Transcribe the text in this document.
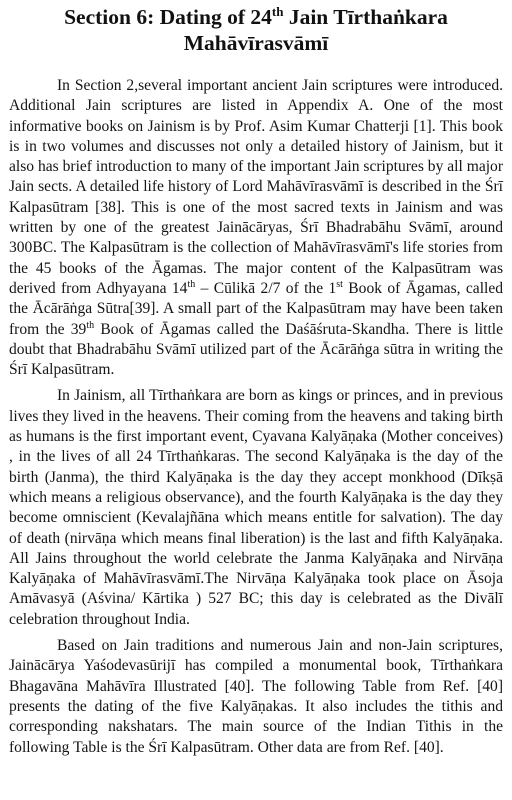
Section 6: Dating of 24th Jain Tīrthaṅkara
Mahāvīrasvāmī

In Section 2,several important ancient Jain scriptures were introduced. Additional Jain scriptures are listed in Appendix A. One of the most informative books on Jainism is by Prof. Asim Kumar Chatterji [1]. This book is in two volumes and discusses not only a detailed history of Jainism, but it also has brief introduction to many of the important Jain scriptures by all major Jain sects. A detailed life history of Lord Mahāvīrasvāmī is described in the Śrī Kalpasūtram [38]. This is one of the most sacred texts in Jainism and was written by one of the greatest Jainācāryas, Śrī Bhadrabāhu Svāmī, around 300BC. The Kalpasūtram is the collection of Mahāvīrasvāmī's life stories from the 45 books of the Āgamas. The major content of the Kalpasūtram was derived from Adhyayana 14th – Cūlikā 2/7 of the 1st Book of Āgamas, called the Ācārāṅga Sūtra[39]. A small part of the Kalpasūtram may have been taken from the 39th Book of Āgamas called the Daśāśruta-Skandha. There is little doubt that Bhadrabāhu Svāmī utilized part of the Ācārāṅga sūtra in writing the Śrī Kalpasūtram.

In Jainism, all Tīrthaṅkara are born as kings or princes, and in previous lives they lived in the heavens. Their coming from the heavens and taking birth as humans is the first important event, Cyavana Kalyāṇaka (Mother conceives) , in the lives of all 24 Tīrthaṅkaras. The second Kalyāṇaka is the day of the birth (Janma), the third Kalyāṇaka is the day they accept monkhood (Dīkṣā which means a religious observance), and the fourth Kalyāṇaka is the day they become omniscient (Kevalajñāna which means entitle for salvation). The day of death (nirvāṇa which means final liberation) is the last and fifth Kalyāṇaka. All Jains throughout the world celebrate the Janma Kalyāṇaka and Nirvāṇa Kalyāṇaka of Mahāvīrasvāmī.The Nirvāṇa Kalyāṇaka took place on Āsoja Amāvasyā (Aśvina/ Kārtika ) 527 BC; this day is celebrated as the Divālī celebration throughout India.

Based on Jain traditions and numerous Jain and non-Jain scriptures, Jainācārya Yaśodevasūrijī has compiled a monumental book, Tīrthaṅkara Bhagavāna Mahāvīra Illustrated [40]. The following Table from Ref. [40] presents the dating of the five Kalyāṇakas. It also includes the tithis and corresponding nakshatars. The main source of the Indian Tithis in the following Table is the Śrī Kalpasūtram. Other data are from Ref. [40].
